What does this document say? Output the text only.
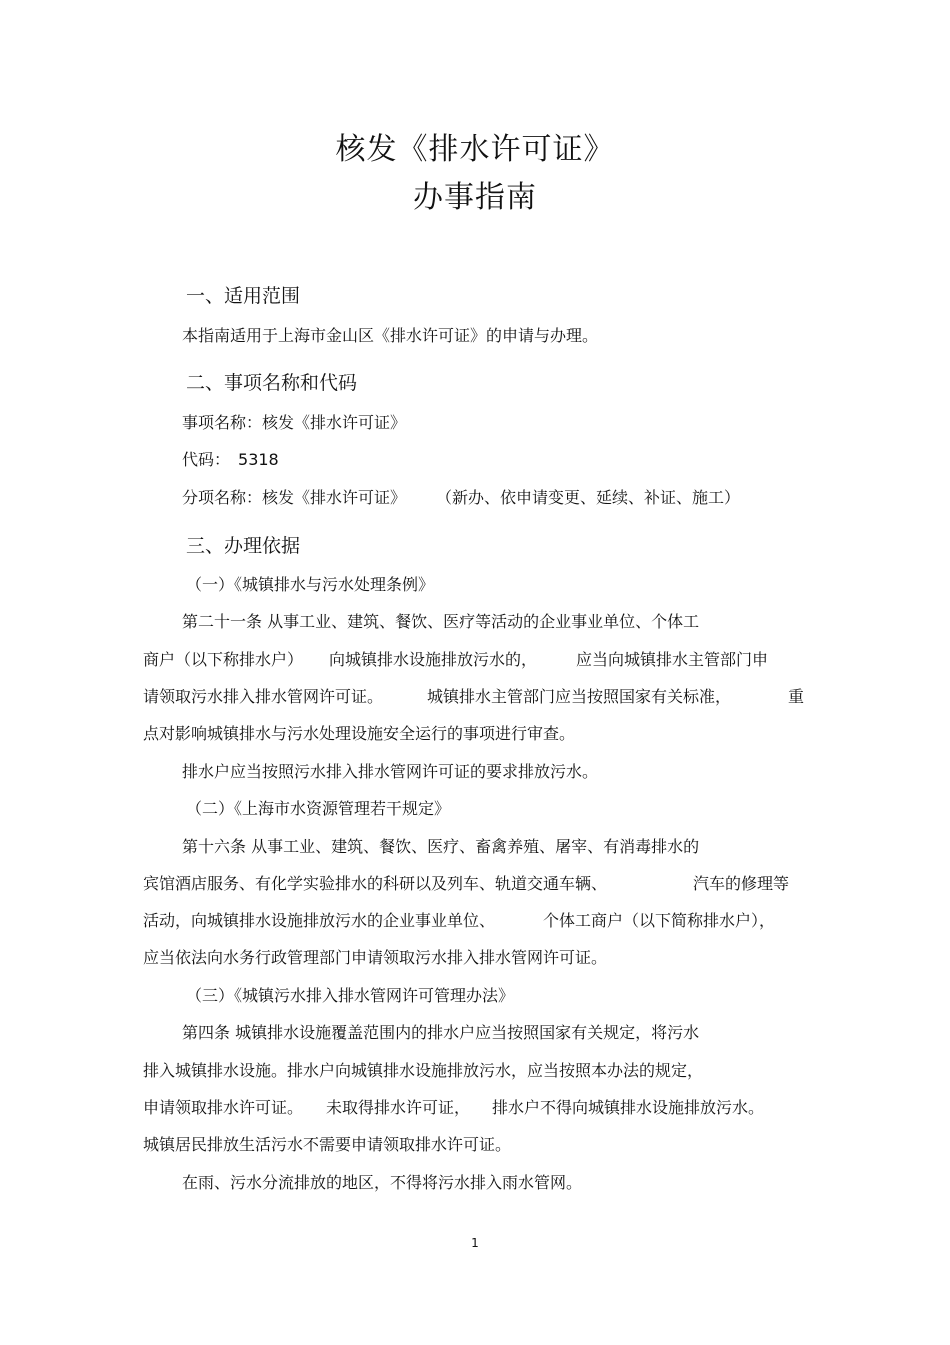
核发《排水许可证》
办事指南
一、适用范围
本指南适用于上海市金山区《排水许可证》的申请与办理。
二、事项名称和代码
事项名称：核发《排水许可证》
代码： 5318
分项名称：核发《排水许可证》 （新办、依申请变更、延续、补证、施工）
三、办理依据
（一）《城镇排水与污水处理条例》
第二十一条 从事工业、建筑、餐饮、医疗等活动的企业事业单位、个体工
商户（以下称排水户） 向城镇排水设施排放污水的， 应当向城镇排水主管部门申
请领取污水排入排水管网许可证。	城镇排水主管部门应当按照国家有关标准，	重
点对影响城镇排水与污水处理设施安全运行的事项进行审查。
排水户应当按照污水排入排水管网许可证的要求排放污水。
（二）《上海市水资源管理若干规定》
第十六条 从事工业、建筑、餐饮、医疗、畜禽养殖、屠宰、有消毒排水的
宾馆酒店服务、有化学实验排水的科研以及列车、轨道交通车辆、	汽车的修理等
活动，向城镇排水设施排放污水的企业事业单位、	个体工商户（以下简称排水户），
应当依法向水务行政管理部门申请领取污水排入排水管网许可证。
（三）《城镇污水排入排水管网许可管理办法》
第四条 城镇排水设施覆盖范围内的排水户应当按照国家有关规定，将污水
排入城镇排水设施。排水户向城镇排水设施排放污水，应当按照本办法的规定，
申请领取排水许可证。 未取得排水许可证， 排水户不得向城镇排水设施排放污水。
城镇居民排放生活污水不需要申请领取排水许可证。
在雨、污水分流排放的地区，不得将污水排入雨水管网。
1
